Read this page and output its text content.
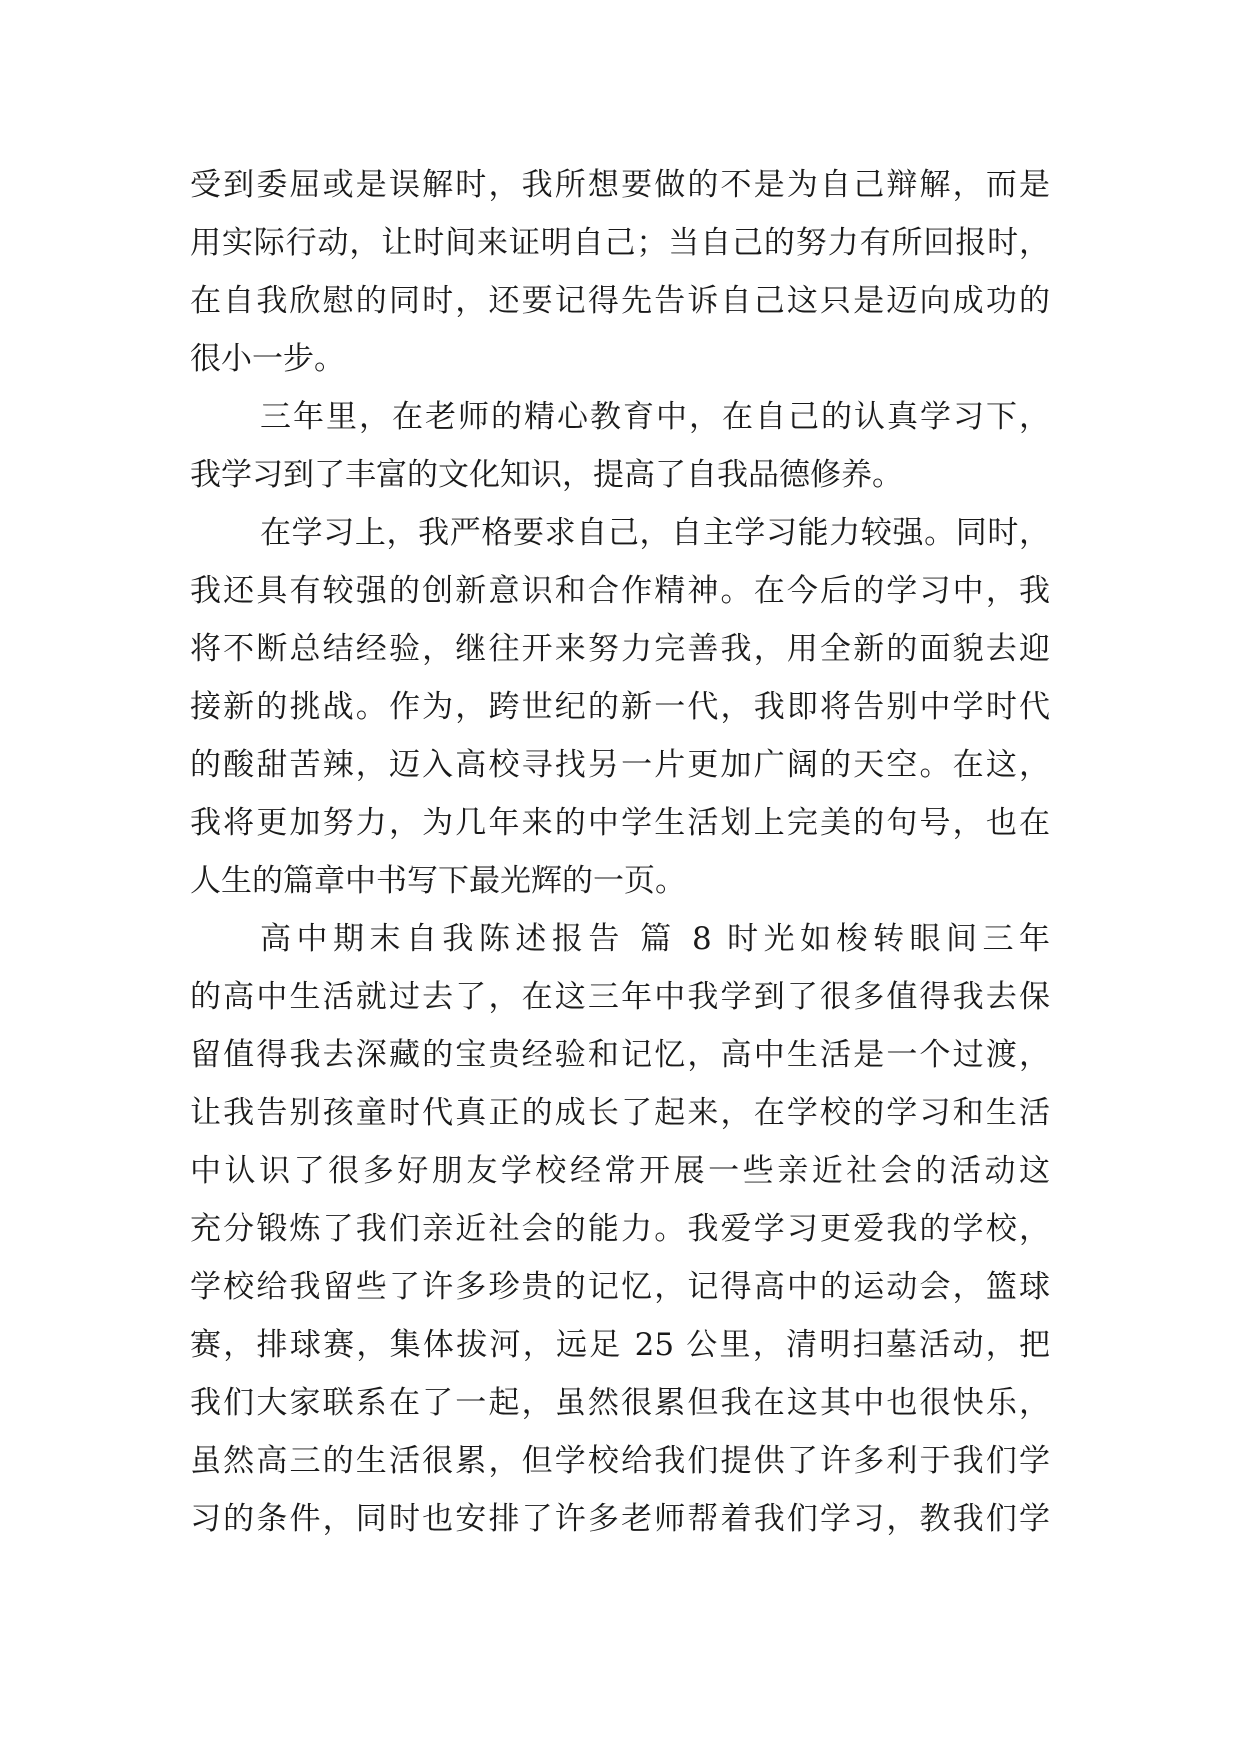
受到委屈或是误解时，我所想要做的不是为自己辩解，而是
用实际行动，让时间来证明自己；当自己的努力有所回报时，
在自我欣慰的同时，还要记得先告诉自己这只是迈向成功的
很小一步。
三年里，在老师的精心教育中，在自己的认真学习下，
我学习到了丰富的文化知识，提高了自我品德修养。
在学习上，我严格要求自己，自主学习能力较强。同时，
我还具有较强的创新意识和合作精神。在今后的学习中，我
将不断总结经验，继往开来努力完善我，用全新的面貌去迎
接新的挑战。作为，跨世纪的新一代，我即将告别中学时代
的酸甜苦辣，迈入高校寻找另一片更加广阔的天空。在这，
我将更加努力，为几年来的中学生活划上完美的句号，也在
人生的篇章中书写下最光辉的一页。
高中期末自我陈述报告 篇 8 时光如梭转眼间三年
的高中生活就过去了，在这三年中我学到了很多值得我去保
留值得我去深藏的宝贵经验和记忆，高中生活是一个过渡，
让我告别孩童时代真正的成长了起来，在学校的学习和生活
中认识了很多好朋友学校经常开展一些亲近社会的活动这
充分锻炼了我们亲近社会的能力。我爱学习更爱我的学校，
学校给我留些了许多珍贵的记忆，记得高中的运动会，篮球
赛，排球赛，集体拔河，远足 25 公里，清明扫墓活动，把
我们大家联系在了一起，虽然很累但我在这其中也很快乐，
虽然高三的生活很累，但学校给我们提供了许多利于我们学
习的条件，同时也安排了许多老师帮着我们学习，教我们学
